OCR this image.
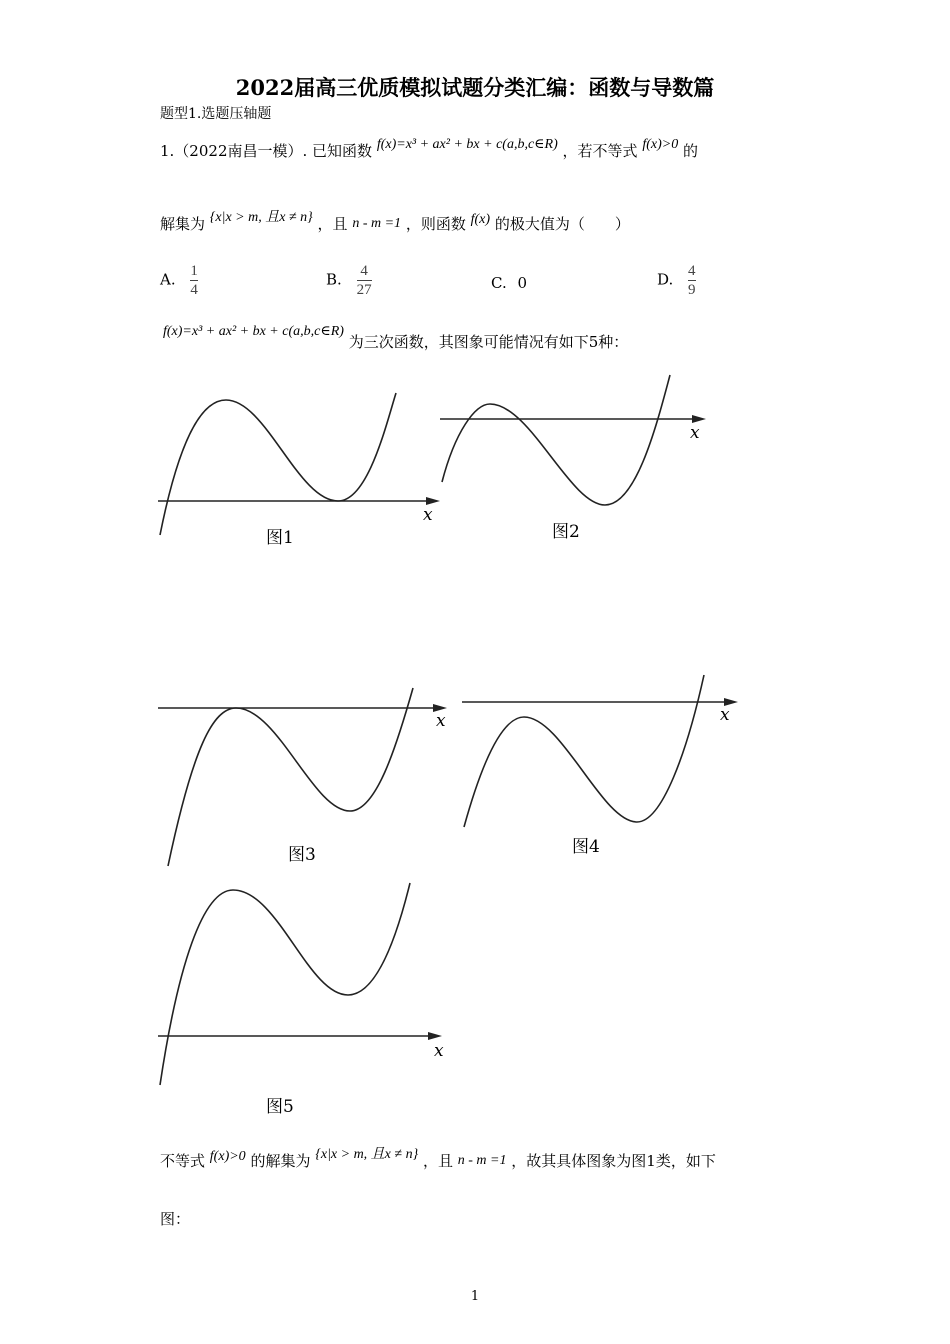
2022届高三优质模拟试题分类汇编：函数与导数篇
题型1.选题压轴题
1.（2022南昌一模）. 已知函数 f(x)=x³ + ax² + bx + c(a,b,c∈R) ，若不等式 f(x)>0 的
解集为 {x|x > m, 且x ≠ n} ，且 n - m =1 ，则函数 f(x) 的极大值为（　　）
A. $\frac{1}{4}$	B. $\frac{4}{27}$	C. 0	D. $\frac{4}{9}$
f(x)=x³ + ax² + bx + c(a,b,c∈R) 为三次函数，其图象可能情况有如下5种：
x
图1
x
图2
x
图3
x
图4
x
图5
不等式 f(x)>0 的解集为 {x|x > m, 且x ≠ n} ，且 n - m =1 ，故其具体图象为图1类，如下
图：
1
